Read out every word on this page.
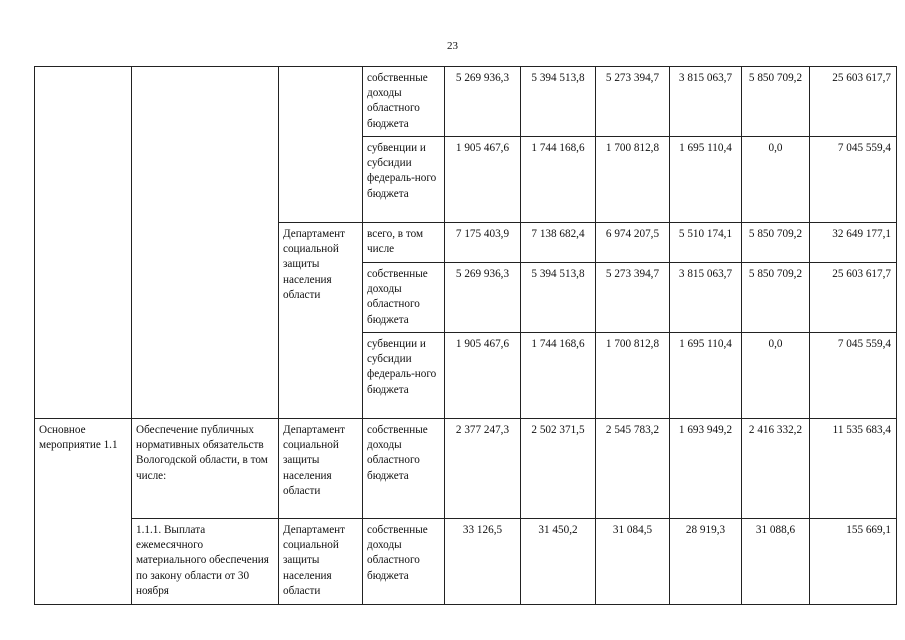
23
			собственные доходы областного бюджета	5 269 936,3	5 394 513,8	5 273 394,7	3 815 063,7	5 850 709,2	25 603 617,7
			субвенции и субсидии федераль-ного бюджета	1 905 467,6	1 744 168,6	1 700 812,8	1 695 110,4	0,0	7 045 559,4
		Департамент социальной защиты населения области	всего, в том числе	7 175 403,9	7 138 682,4	6 974 207,5	5 510 174,1	5 850 709,2	32 649 177,1
			собственные доходы областного бюджета	5 269 936,3	5 394 513,8	5 273 394,7	3 815 063,7	5 850 709,2	25 603 617,7
			субвенции и субсидии федераль-ного бюджета	1 905 467,6	1 744 168,6	1 700 812,8	1 695 110,4	0,0	7 045 559,4
Основное мероприятие 1.1	Обеспечение публичных нормативных обязательств Вологодской области, в том числе:	Департамент социальной защиты населения области	собственные доходы областного бюджета	2 377 247,3	2 502 371,5	2 545 783,2	1 693 949,2	2 416 332,2	11 535 683,4
	1.1.1. Выплата ежемесячного материального обеспечения по закону области от 30 ноября	Департамент социальной защиты населения области	собственные доходы областного бюджета	33 126,5	31 450,2	31 084,5	28 919,3	31 088,6	155 669,1
